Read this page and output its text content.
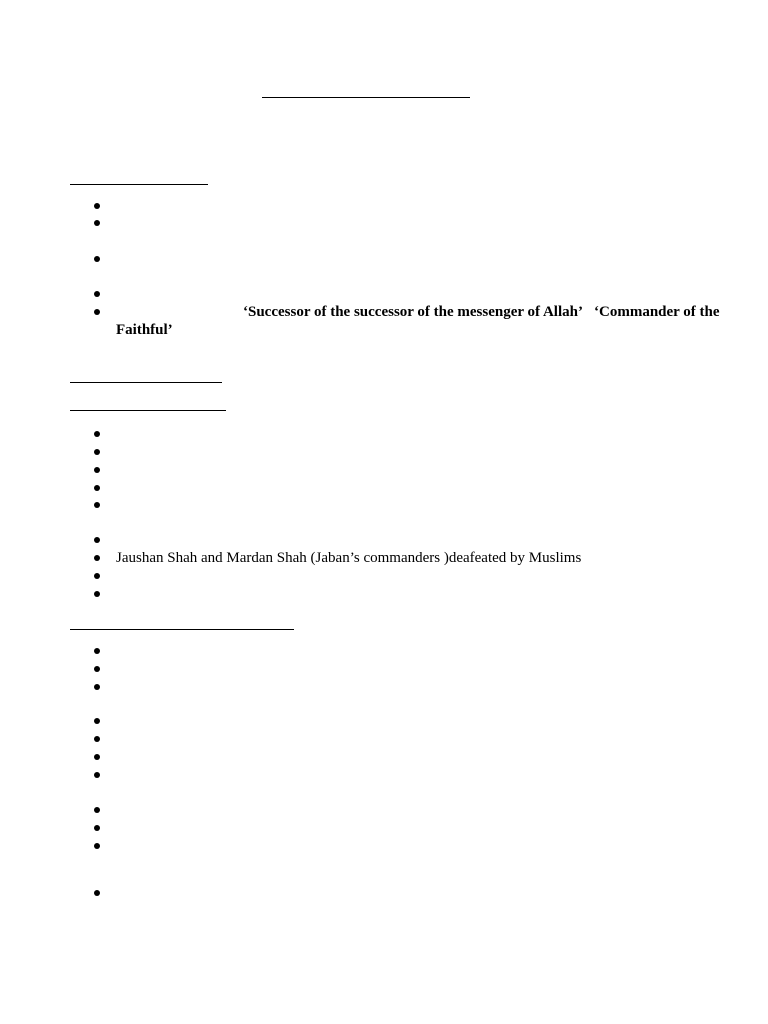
‘Successor of the successor of the messenger of Allah’ ‘Commander of the
Faithful’
Jaushan Shah and Mardan Shah (Jaban’s commanders )deafeated by Muslims
